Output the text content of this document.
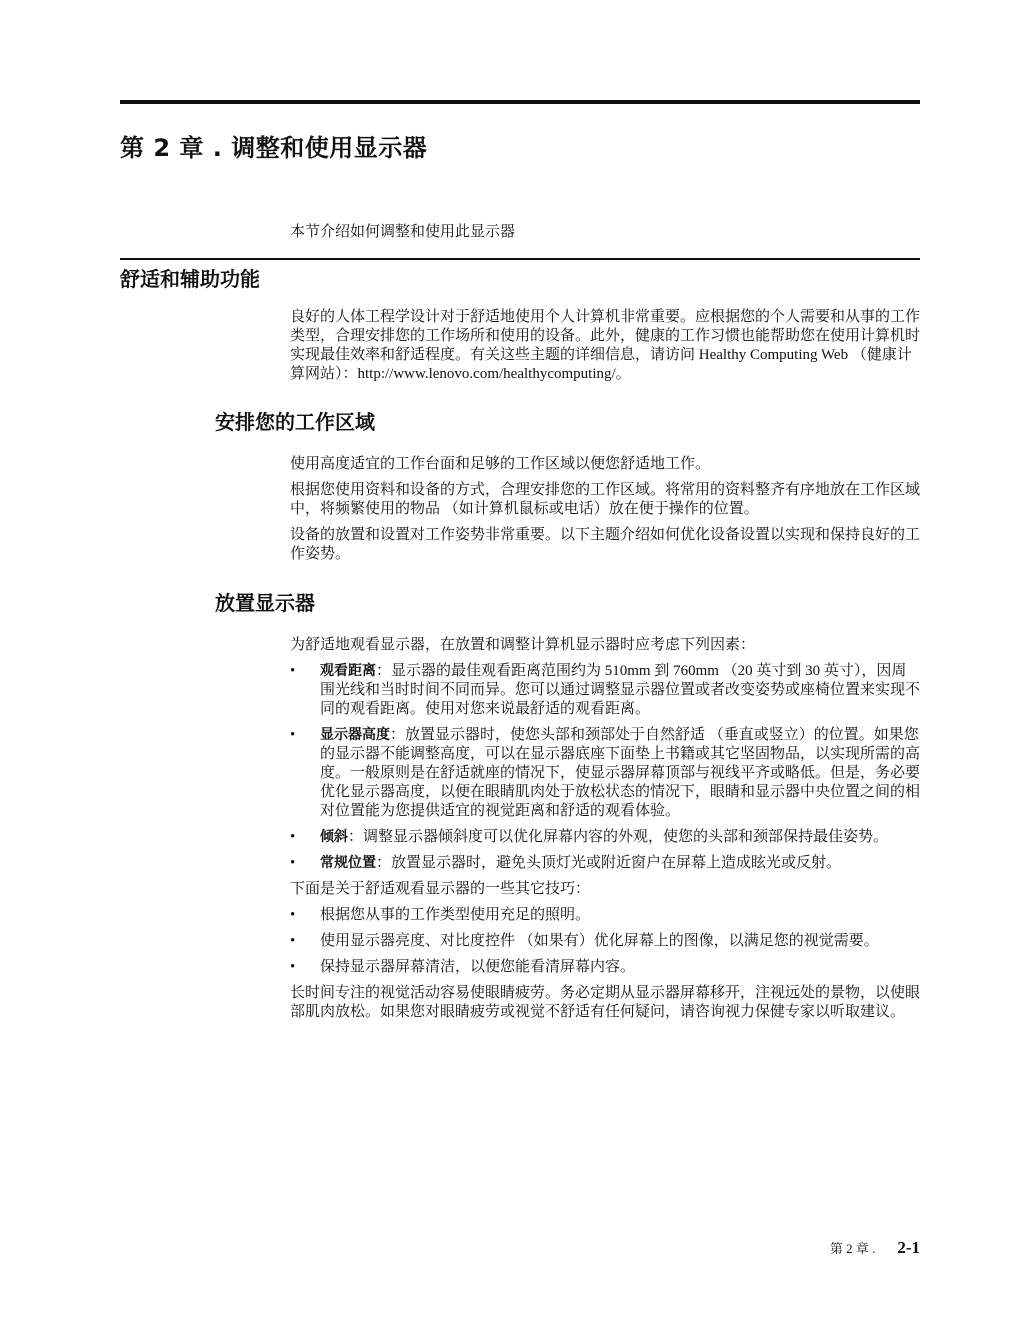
第 2 章 . 调整和使用显示器
本节介绍如何调整和使用此显示器
舒适和辅助功能

良好的人体工程学设计对于舒适地使用个人计算机非常重要。应根据您的个人需要和从事的工作类型，合理安排您的工作场所和使用的设备。此外，健康的工作习惯也能帮助您在使用计算机时实现最佳效率和舒适程度。有关这些主题的详细信息，请访问 Healthy Computing Web （健康计算网站）：http://www.lenovo.com/healthycomputing/。

安排您的工作区域

使用高度适宜的工作台面和足够的工作区域以便您舒适地工作。

根据您使用资料和设备的方式，合理安排您的工作区域。将常用的资料整齐有序地放在工作区域中，将频繁使用的物品 （如计算机鼠标或电话）放在便于操作的位置。

设备的放置和设置对工作姿势非常重要。以下主题介绍如何优化设备设置以实现和保持良好的工作姿势。

放置显示器

为舒适地观看显示器，在放置和调整计算机显示器时应考虑下列因素：

• 观看距离：显示器的最佳观看距离范围约为 510mm 到 760mm （20 英寸到 30 英寸），因周围光线和当时时间不同而异。您可以通过调整显示器位置或者改变姿势或座椅位置来实现不同的观看距离。使用对您来说最舒适的观看距离。
• 显示器高度：放置显示器时，使您头部和颈部处于自然舒适 （垂直或竖立）的位置。如果您的显示器不能调整高度，可以在显示器底座下面垫上书籍或其它坚固物品，以实现所需的高度。一般原则是在舒适就座的情况下，使显示器屏幕顶部与视线平齐或略低。但是，务必要优化显示器高度，以便在眼睛肌肉处于放松状态的情况下，眼睛和显示器中央位置之间的相对位置能为您提供适宜的视觉距离和舒适的观看体验。
• 倾斜：调整显示器倾斜度可以优化屏幕内容的外观，使您的头部和颈部保持最佳姿势。
• 常规位置：放置显示器时，避免头顶灯光或附近窗户在屏幕上造成眩光或反射。

下面是关于舒适观看显示器的一些其它技巧：

• 根据您从事的工作类型使用充足的照明。
• 使用显示器亮度、对比度控件 （如果有）优化屏幕上的图像，以满足您的视觉需要。
• 保持显示器屏幕清洁，以便您能看清屏幕内容。

长时间专注的视觉活动容易使眼睛疲劳。务必定期从显示器屏幕移开，注视远处的景物，以使眼部肌肉放松。如果您对眼睛疲劳或视觉不舒适有任何疑问，请咨询视力保健专家以听取建议。

第 2 章 . 2-1
